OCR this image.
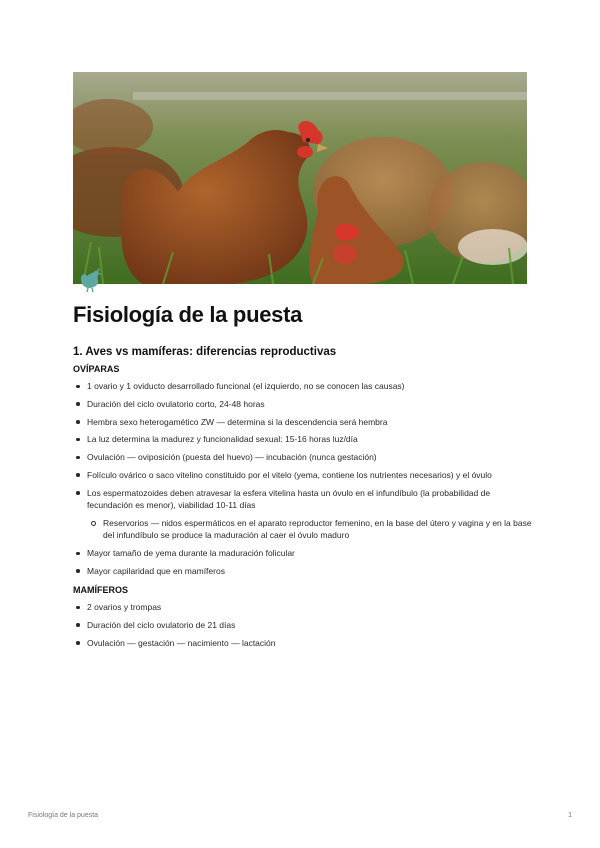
Fisiología de la puesta
1. Aves vs mamíferas: diferencias reproductivas
OVÍPARAS
1 ovario y 1 oviducto desarrollado funcional (el izquierdo, no se conocen las causas)
Duración del ciclo ovulatorio corto, 24-48 horas
Hembra sexo heterogamético ZW — determina si la descendencia será hembra
La luz determina la madurez y funcionalidad sexual: 15-16 horas luz/día
Ovulación — oviposición (puesta del huevo) — incubación (nunca gestación)
Folículo ovárico o saco vitelino constituido por el vitelo (yema, contiene los nutrientes necesarios) y el óvulo
Los espermatozoides deben atravesar la esfera vitelina hasta un óvulo en el infundíbulo (la probabilidad de fecundación es menor), viabilidad 10-11 días
Reservorios — nidos espermáticos en el aparato reproductor femenino, en la base del útero y vagina y en la base del infundíbulo se produce la maduración al caer el óvulo maduro
Mayor tamaño de yema durante la maduración folicular
Mayor capilaridad que en mamíferos
MAMÍFEROS
2 ovarios y trompas
Duración del ciclo ovulatorio de 21 días
Ovulación — gestación — nacimiento — lactación
Fisiología de la puesta	1
